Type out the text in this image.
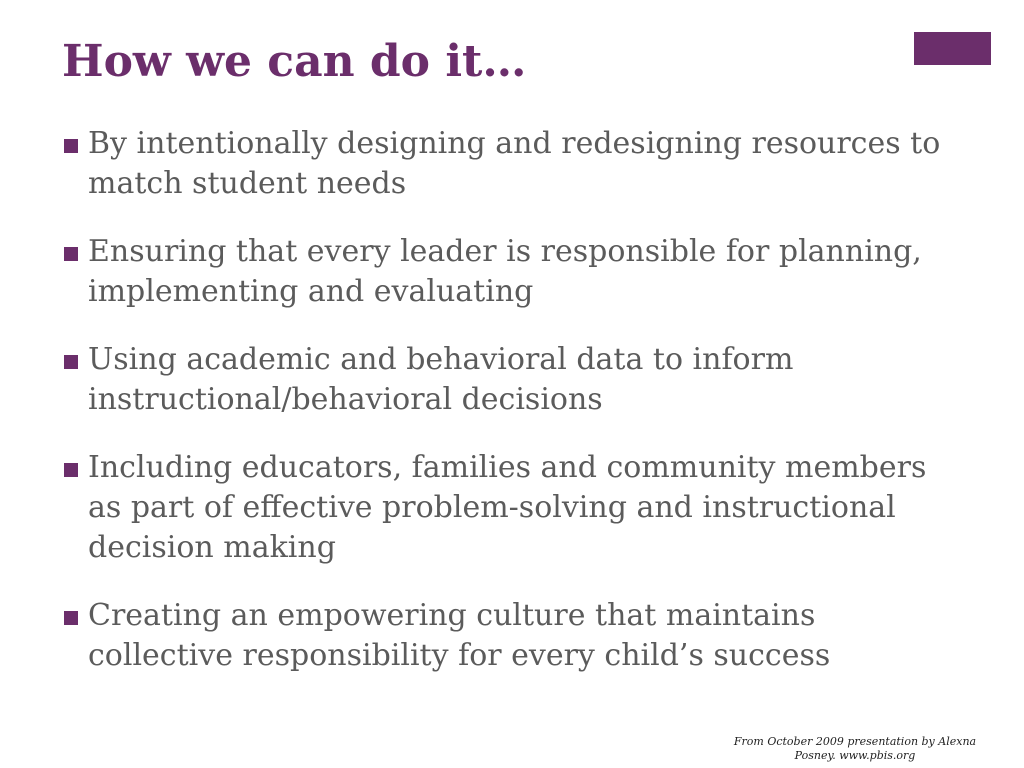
How we can do it…
By intentionally designing and redesigning resources to match student needs
Ensuring that every leader is responsible for planning, implementing and evaluating
Using academic and behavioral data to inform instructional/behavioral decisions
Including educators, families and community members as part of effective problem-solving and instructional decision making
Creating an empowering culture that maintains collective responsibility for every child’s success

From October 2009 presentation by Alexna Posney. www.pbis.org
